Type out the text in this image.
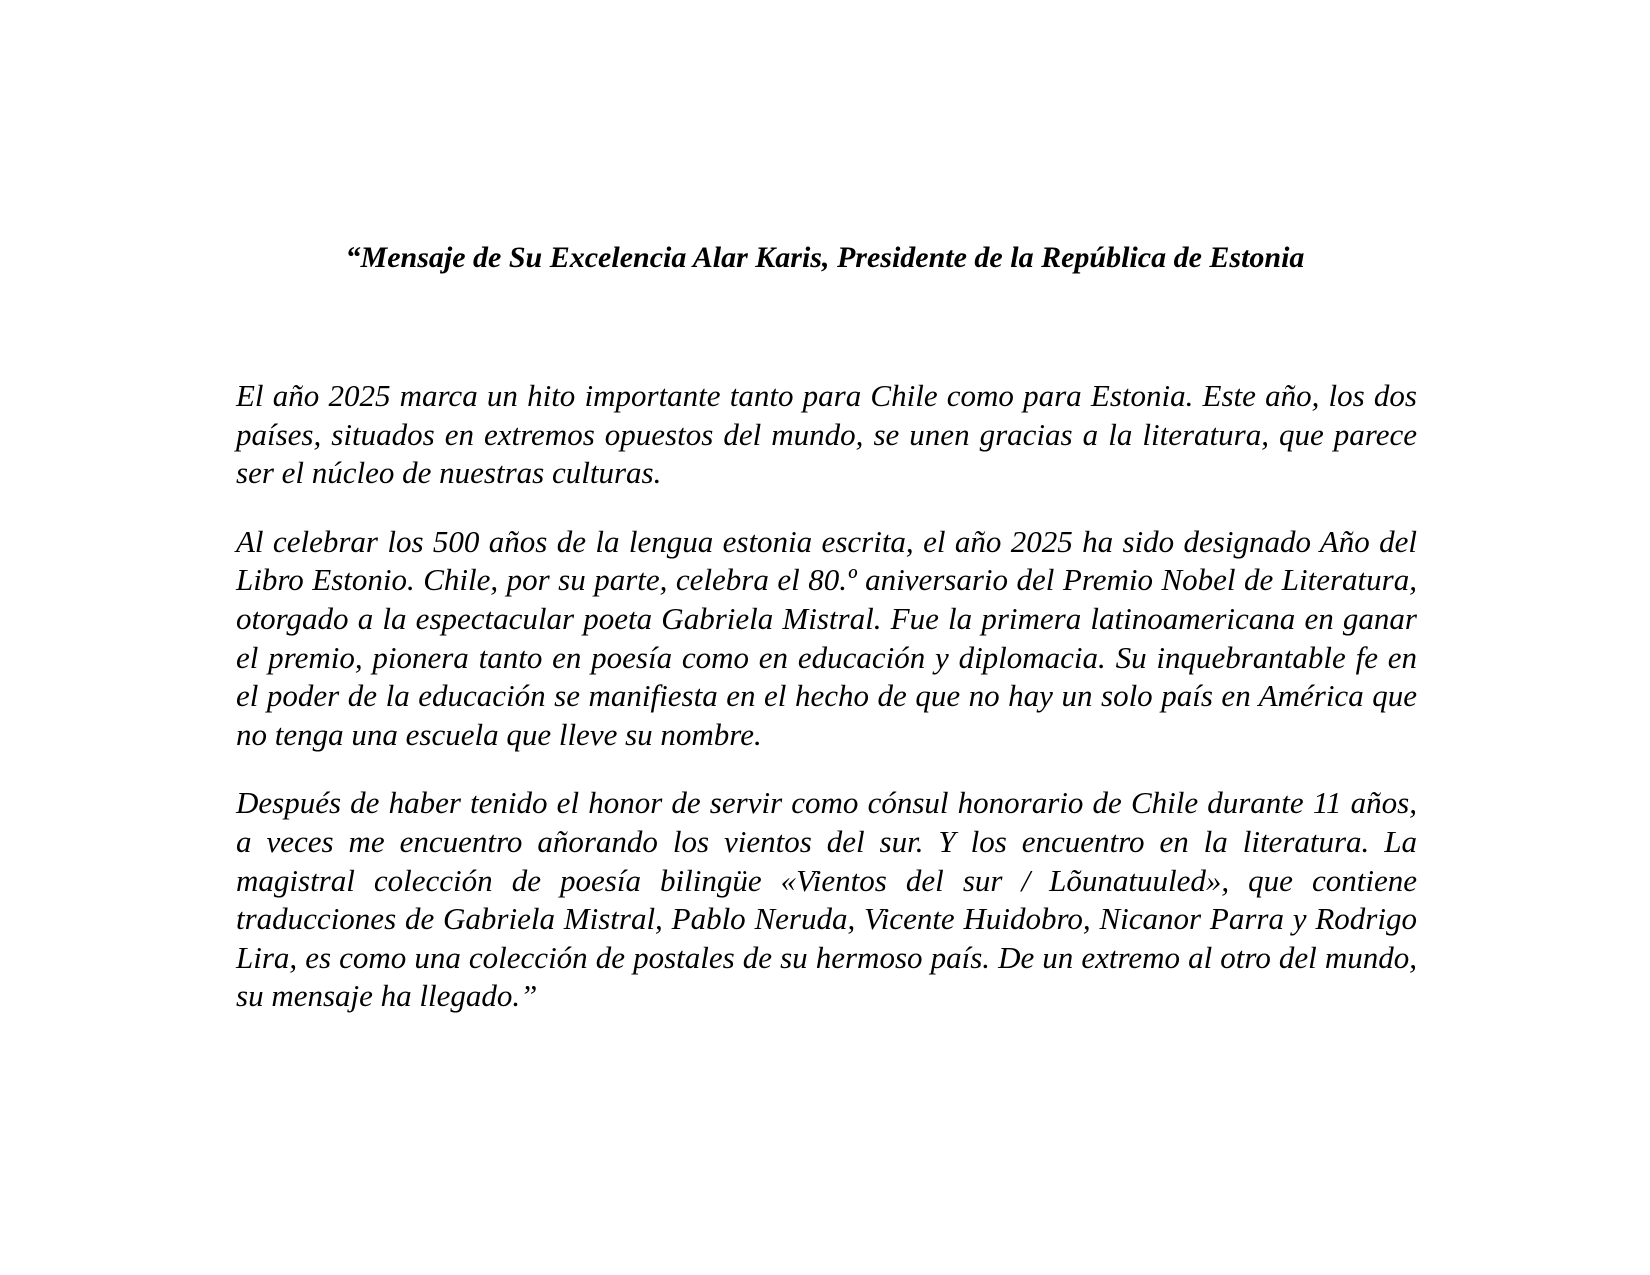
“Mensaje de Su Excelencia Alar Karis, Presidente de la República de Estonia

El año 2025 marca un hito importante tanto para Chile como para Estonia. Este año, los dos países, situados en extremos opuestos del mundo, se unen gracias a la literatura, que parece ser el núcleo de nuestras culturas.

Al celebrar los 500 años de la lengua estonia escrita, el año 2025 ha sido designado Año del Libro Estonio. Chile, por su parte, celebra el 80.º aniversario del Premio Nobel de Literatura, otorgado a la espectacular poeta Gabriela Mistral. Fue la primera latinoamericana en ganar el premio, pionera tanto en poesía como en educación y diplomacia. Su inquebrantable fe en el poder de la educación se manifiesta en el hecho de que no hay un solo país en América que no tenga una escuela que lleve su nombre.

Después de haber tenido el honor de servir como cónsul honorario de Chile durante 11 años, a veces me encuentro añorando los vientos del sur. Y los encuentro en la literatura. La magistral colección de poesía bilingüe «Vientos del sur / Lõunatuuled», que contiene traducciones de Gabriela Mistral, Pablo Neruda, Vicente Huidobro, Nicanor Parra y Rodrigo Lira, es como una colección de postales de su hermoso país. De un extremo al otro del mundo, su mensaje ha llegado.”
